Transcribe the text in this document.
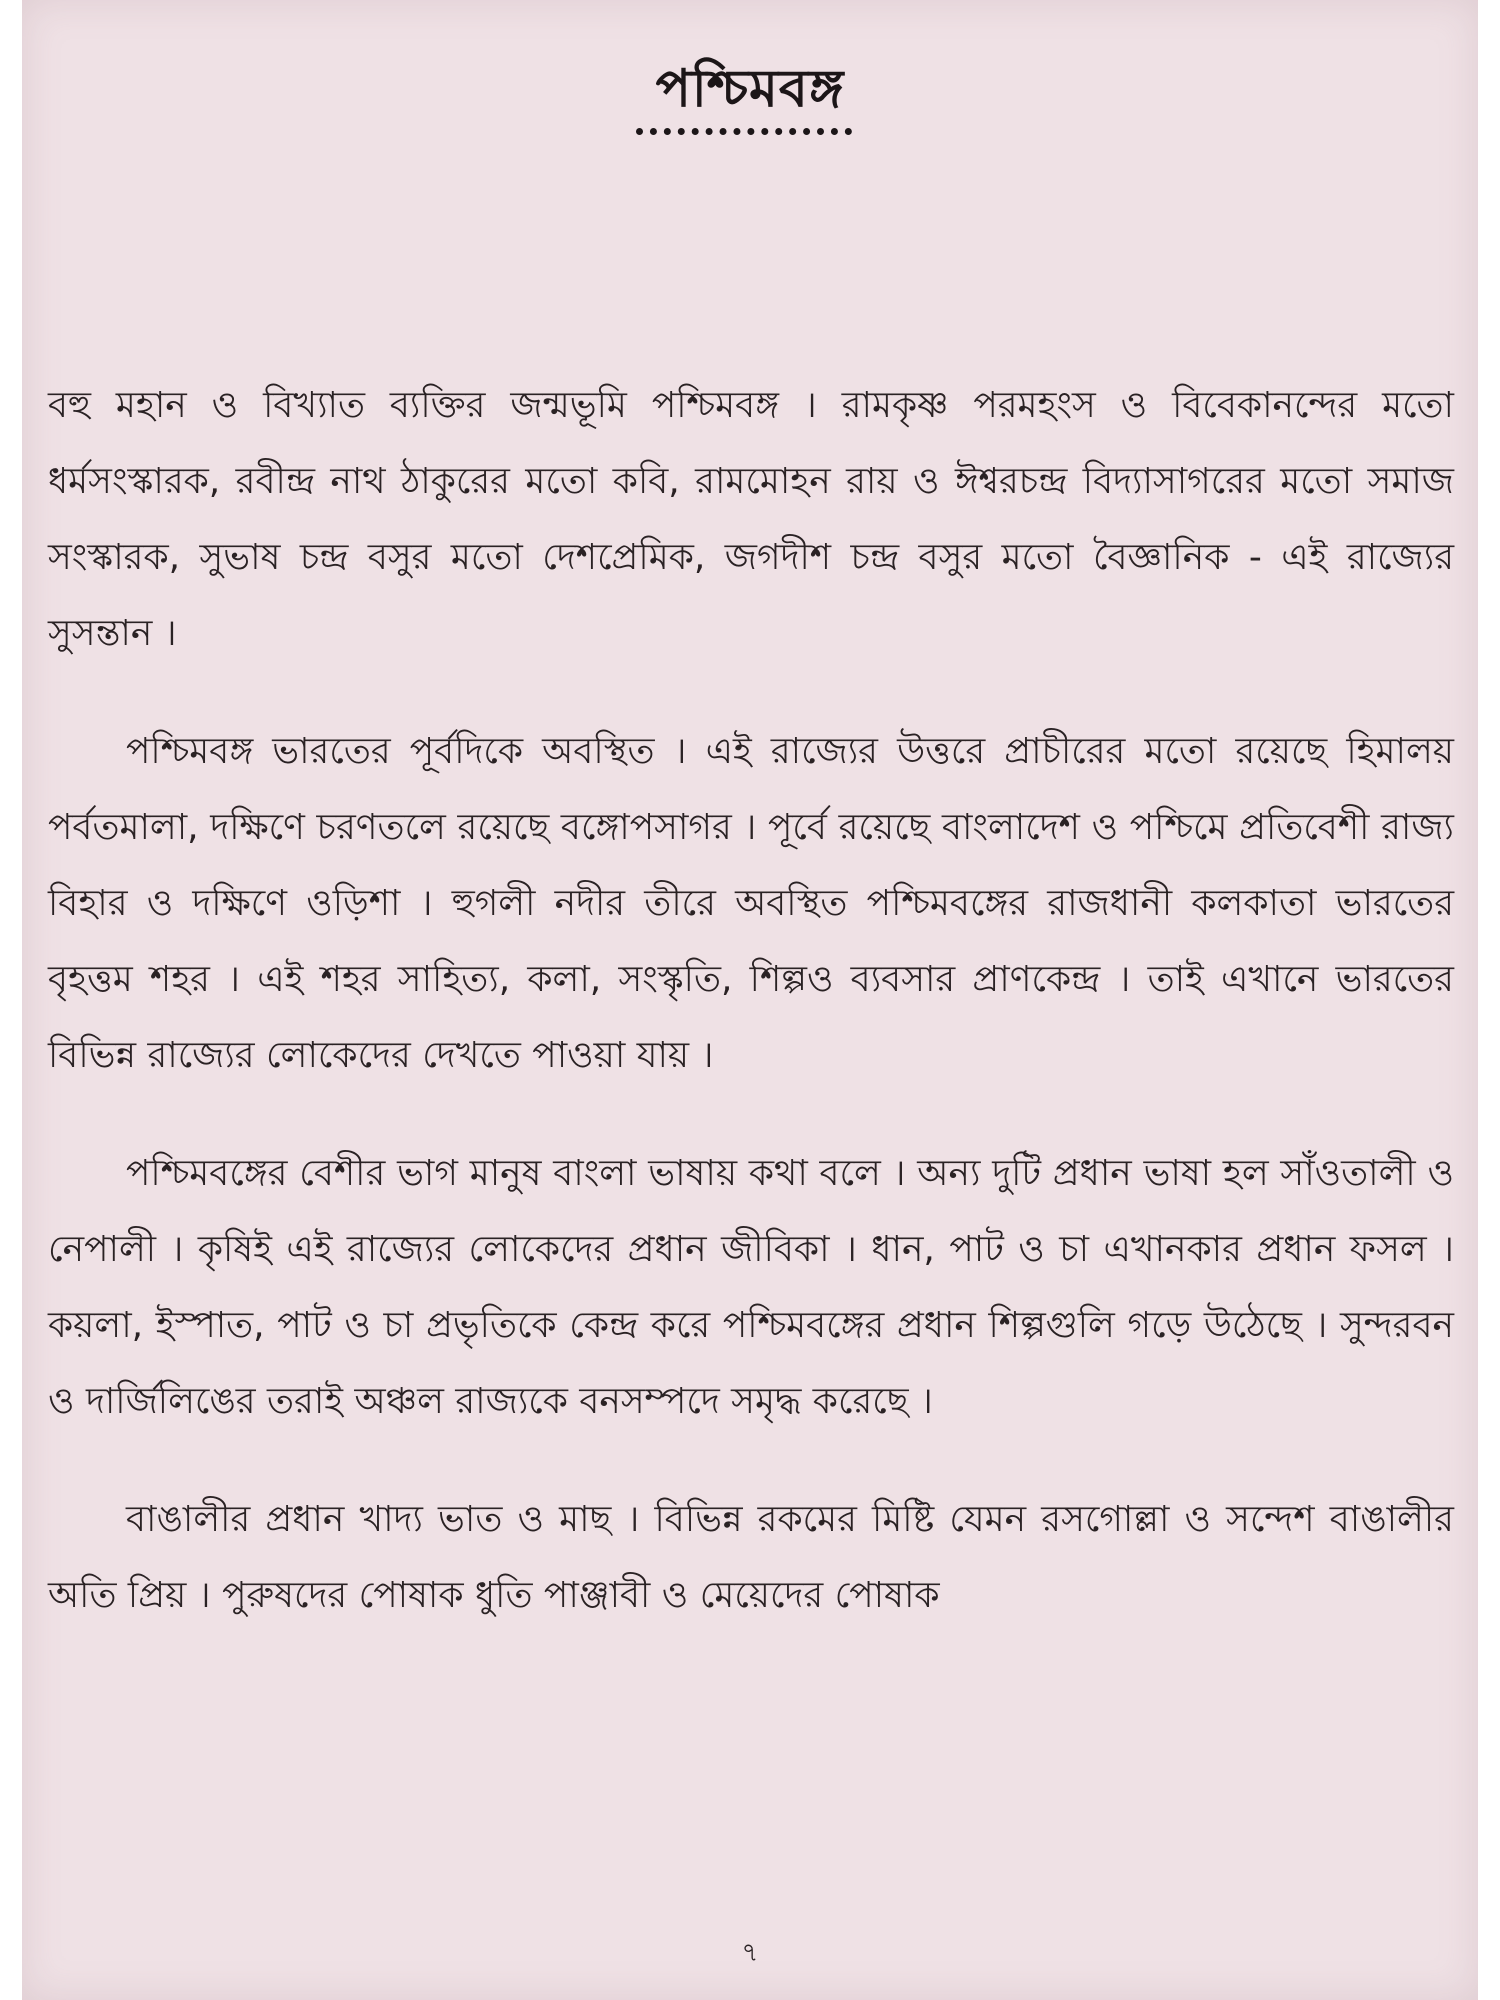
পশ্চিমবঙ্গ

বহু মহান ও বিখ্যাত ব্যক্তির জন্মভূমি পশ্চিমবঙ্গ । রামকৃষ্ণ পরমহংস ও বিবেকানন্দের মতো ধর্মসংস্কারক, রবীন্দ্র নাথ ঠাকুরের মতো কবি, রামমোহন রায় ও ঈশ্বরচন্দ্র বিদ্যাসাগরের মতো সমাজ সংস্কারক, সুভাষ চন্দ্র বসুর মতো দেশপ্রেমিক, জগদীশ চন্দ্র বসুর মতো বৈজ্ঞানিক - এই রাজ্যের সুসন্তান ।

পশ্চিমবঙ্গ ভারতের পূর্বদিকে অবস্থিত । এই রাজ্যের উত্তরে প্রাচীরের মতো রয়েছে হিমালয় পর্বতমালা, দক্ষিণে চরণতলে রয়েছে বঙ্গোপসাগর । পূর্বে রয়েছে বাংলাদেশ ও পশ্চিমে প্রতিবেশী রাজ্য বিহার ও দক্ষিণে ওড়িশা । হুগলী নদীর তীরে অবস্থিত পশ্চিমবঙ্গের রাজধানী কলকাতা ভারতের বৃহত্তম শহর । এই শহর সাহিত্য, কলা, সংস্কৃতি, শিল্পও ব্যবসার প্রাণকেন্দ্র । তাই এখানে ভারতের বিভিন্ন রাজ্যের লোকেদের দেখতে পাওয়া যায় ।

পশ্চিমবঙ্গের বেশীর ভাগ মানুষ বাংলা ভাষায় কথা বলে । অন্য দুটি প্রধান ভাষা হল সাঁওতালী ও নেপালী । কৃষিই এই রাজ্যের লোকেদের প্রধান জীবিকা । ধান, পাট ও চা এখানকার প্রধান ফসল । কয়লা, ইস্পাত, পাট ও চা প্রভৃতিকে কেন্দ্র করে পশ্চিমবঙ্গের প্রধান শিল্পগুলি গড়ে উঠেছে । সুন্দরবন ও দার্জিলিঙের তরাই অঞ্চল রাজ্যকে বনসম্পদে সমৃদ্ধ করেছে ।

বাঙালীর প্রধান খাদ্য ভাত ও মাছ । বিভিন্ন রকমের মিষ্টি যেমন রসগোল্লা ও সন্দেশ বাঙালীর অতি প্রিয় । পুরুষদের পোষাক ধুতি পাঞ্জাবী ও মেয়েদের পোষাক

৭
